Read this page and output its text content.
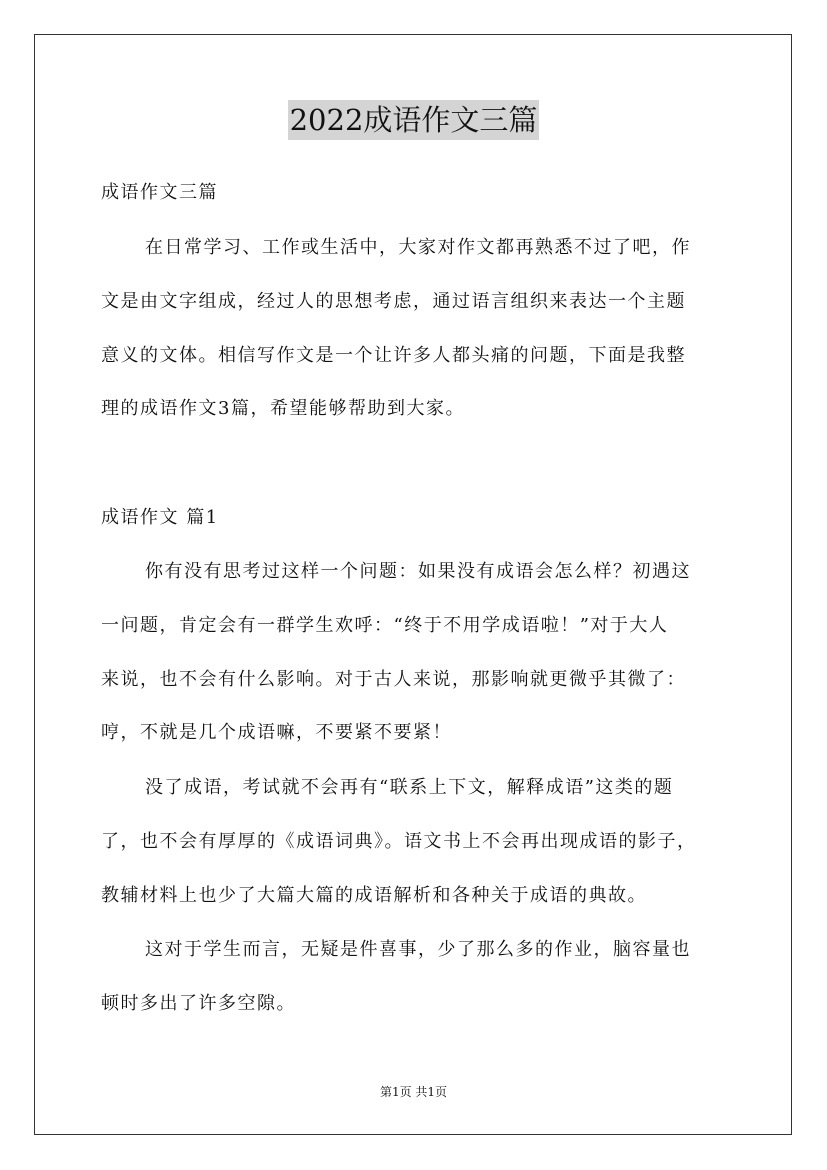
2022成语作文三篇
成语作文三篇
在日常学习、工作或生活中，大家对作文都再熟悉不过了吧，作
文是由文字组成，经过人的思想考虑，通过语言组织来表达一个主题
意义的文体。相信写作文是一个让许多人都头痛的问题，下面是我整
理的成语作文3篇，希望能够帮助到大家。
成语作文 篇1
你有没有思考过这样一个问题：如果没有成语会怎么样？初遇这
一问题，肯定会有一群学生欢呼：“终于不用学成语啦！”对于大人
来说，也不会有什么影响。对于古人来说，那影响就更微乎其微了：
哼，不就是几个成语嘛，不要紧不要紧！
没了成语，考试就不会再有“联系上下文，解释成语”这类的题
了，也不会有厚厚的《成语词典》。语文书上不会再出现成语的影子，
教辅材料上也少了大篇大篇的成语解析和各种关于成语的典故。
这对于学生而言，无疑是件喜事，少了那么多的作业，脑容量也
顿时多出了许多空隙。
第1页 共1页
